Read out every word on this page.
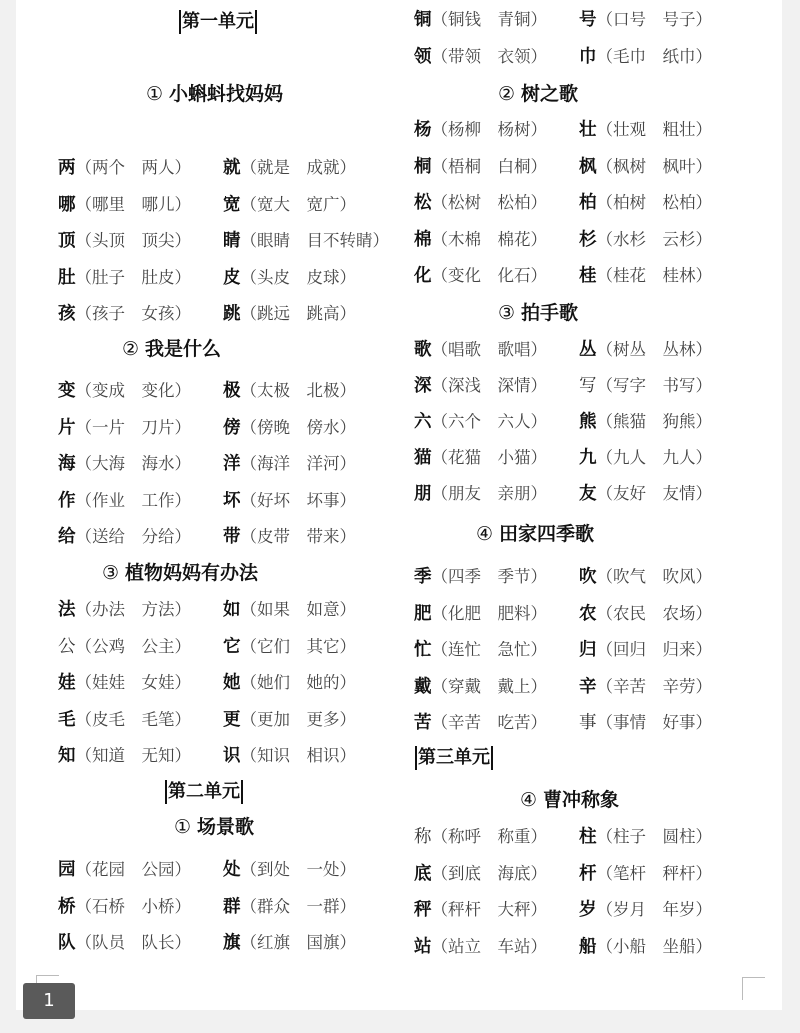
第一单元
① 小蝌蚪找妈妈
两（两个　两人）	就（就是　成就）
哪（哪里　哪儿）	宽（宽大　宽广）
顶（头顶　顶尖）	睛（眼睛　目不转睛）
肚（肚子　肚皮）	皮（头皮　皮球）
孩（孩子　女孩）	跳（跳远　跳高）
② 我是什么
变（变成　变化）	极（太极　北极）
片（一片　刀片）	傍（傍晚　傍水）
海（大海　海水）	洋（海洋　洋河）
作（作业　工作）	坏（好坏　坏事）
给（送给　分给）	带（皮带　带来）
③ 植物妈妈有办法
法（办法　方法）	如（如果　如意）
公（公鸡　公主）	它（它们　其它）
娃（娃娃　女娃）	她（她们　她的）
毛（皮毛　毛笔）	更（更加　更多）
知（知道　无知）	识（知识　相识）
第二单元
① 场景歌
园（花园　公园）	处（到处　一处）
桥（石桥　小桥）	群（群众　一群）
队（队员　队长）	旗（红旗　国旗）
铜（铜钱　青铜）	号（口号　号子）
领（带领　衣领）	巾（毛巾　纸巾）
② 树之歌
杨（杨柳　杨树）	壮（壮观　粗壮）
桐（梧桐　白桐）	枫（枫树　枫叶）
松（松树　松柏）	柏（柏树　松柏）
棉（木棉　棉花）	杉（水杉　云杉）
化（变化　化石）	桂（桂花　桂林）
③ 拍手歌
歌（唱歌　歌唱）	丛（树丛　丛林）
深（深浅　深情）	写（写字　书写）
六（六个　六人）	熊（熊猫　狗熊）
猫（花猫　小猫）	九（九人　九人）
朋（朋友　亲朋）	友（友好　友情）
④ 田家四季歌
季（四季　季节）	吹（吹气　吹风）
肥（化肥　肥料）	农（农民　农场）
忙（连忙　急忙）	归（回归　归来）
戴（穿戴　戴上）	辛（辛苦　辛劳）
苦（辛苦　吃苦）	事（事情　好事）
第三单元
④ 曹冲称象
称（称呼　称重）	柱（柱子　圆柱）
底（到底　海底）	杆（笔杆　秤杆）
秤（秤杆　大秤）	岁（岁月　年岁）
站（站立　车站）	船（小船　坐船）
1
